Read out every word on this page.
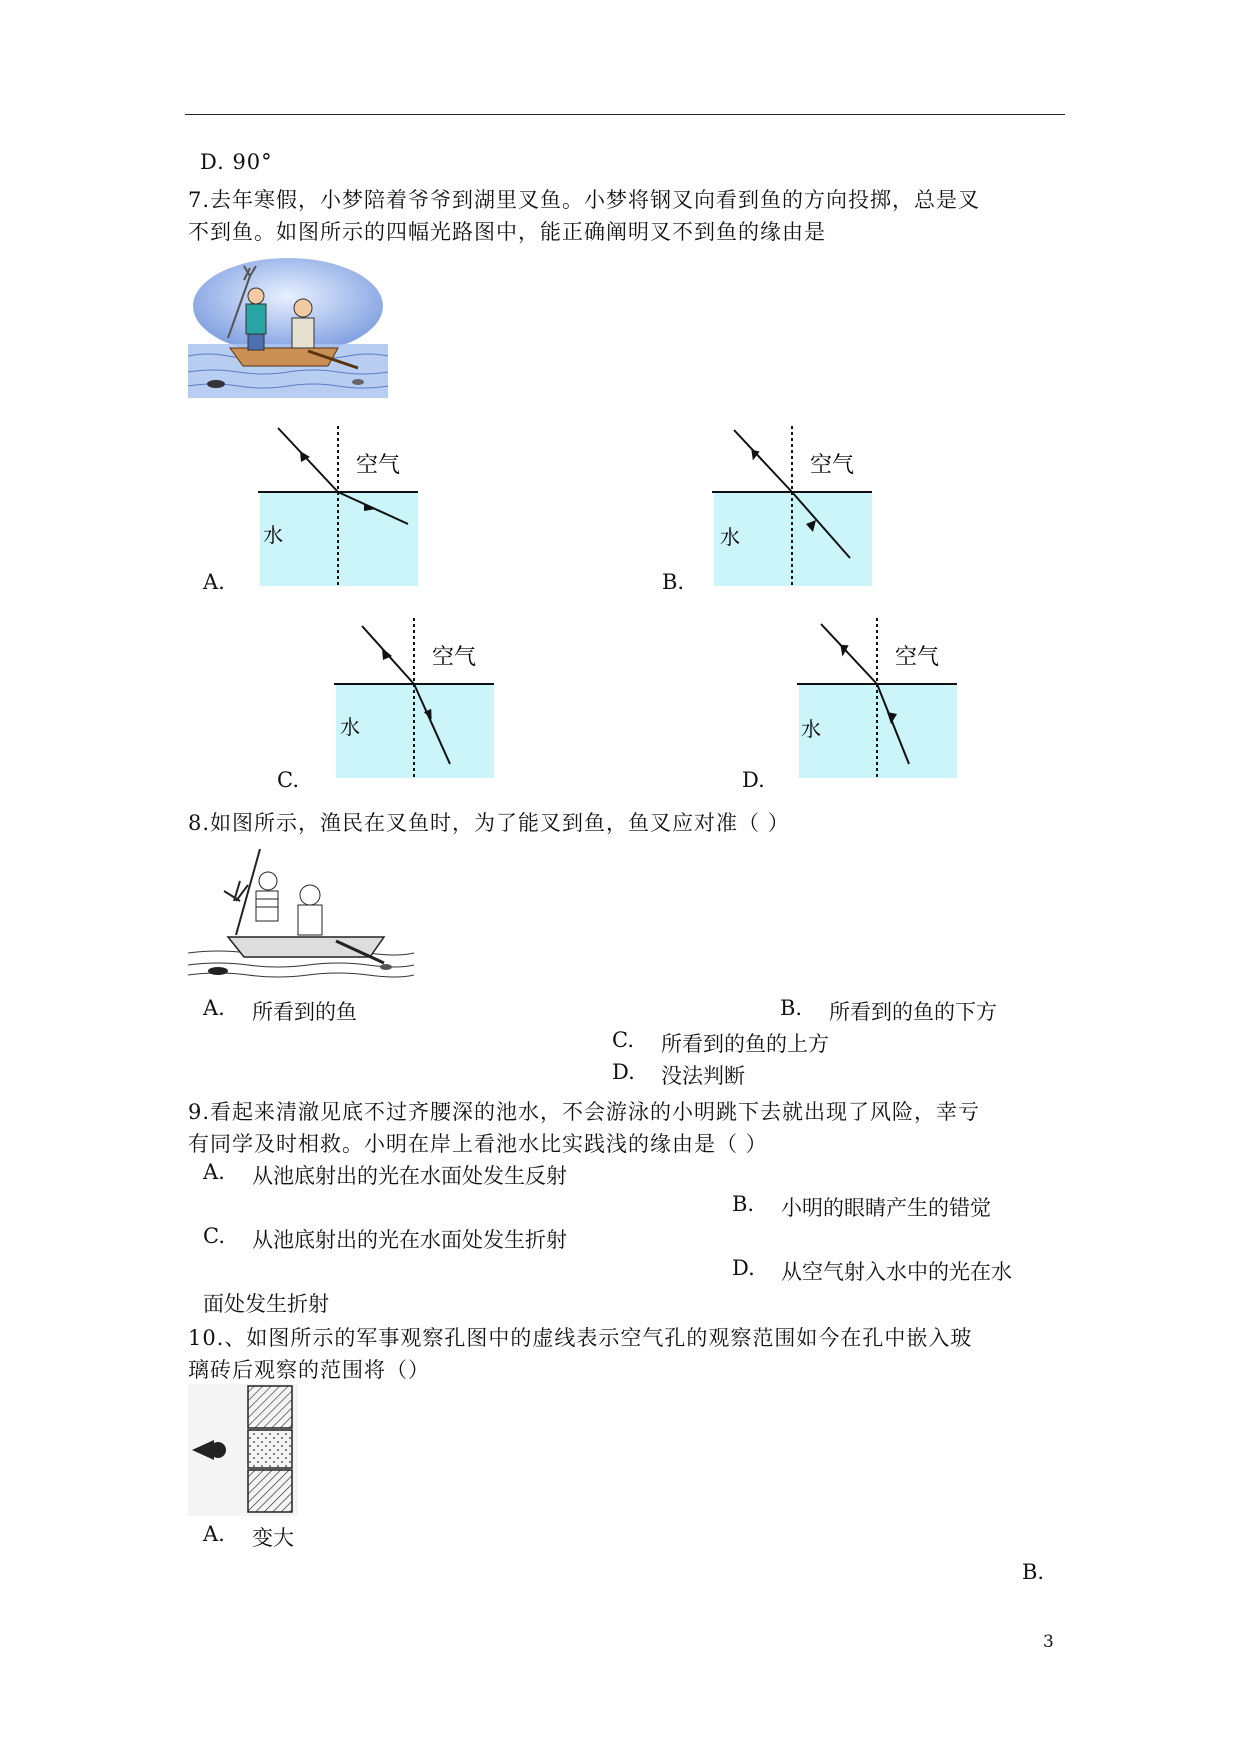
D. 90°
7.去年寒假，小梦陪着爷爷到湖里叉鱼。小梦将钢叉向看到鱼的方向投掷，总是叉
不到鱼。如图所示的四幅光路图中，能正确阐明叉不到鱼的缘由是
A.
空气
水
B.
空气
水
C.
空气
水
D.
空气
水
8.如图所示，渔民在叉鱼时，为了能叉到鱼，鱼叉应对准（ ）
A. 所看到的鱼	B. 所看到的鱼的下方
C. 所看到的鱼的上方
D. 没法判断
9.看起来清澈见底不过齐腰深的池水，不会游泳的小明跳下去就出现了风险，幸亏
有同学及时相救。小明在岸上看池水比实践浅的缘由是（ ）
A. 从池底射出的光在水面处发生反射
B. 小明的眼睛产生的错觉
C. 从池底射出的光在水面处发生折射
D. 从空气射入水中的光在水
面处发生折射
10.、如图所示的军事观察孔图中的虚线表示空气孔的观察范围如今在孔中嵌入玻
璃砖后观察的范围将（）
A. 变大
B.
3
